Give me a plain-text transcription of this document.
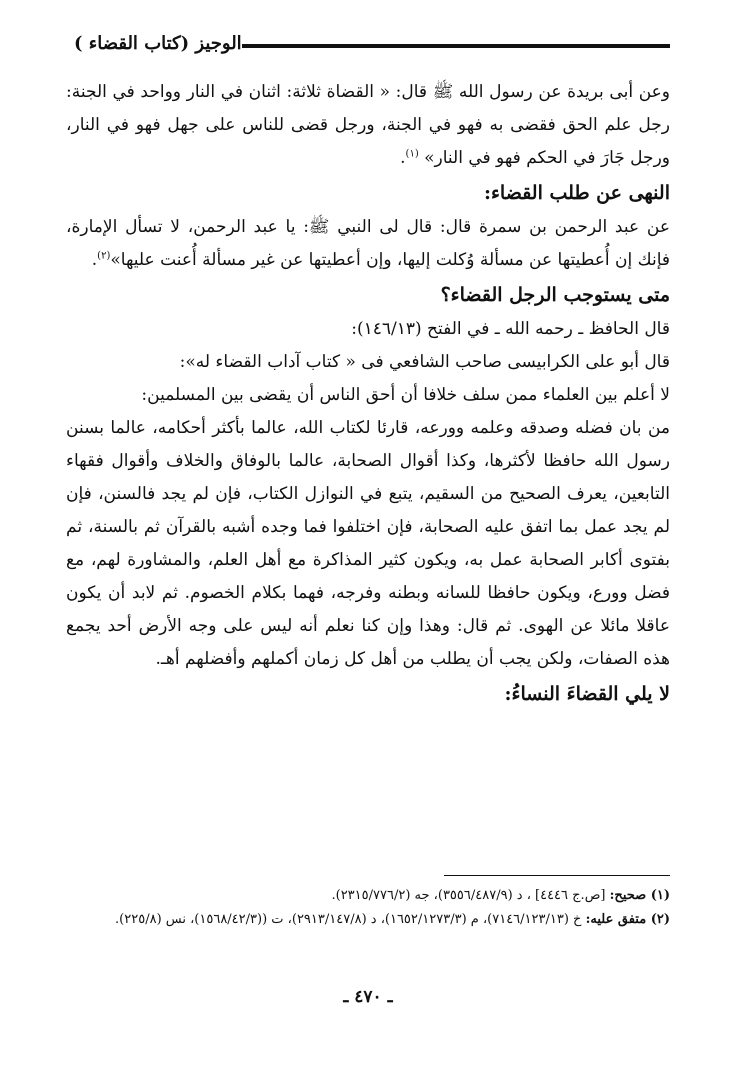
الوجيز (كتاب القضاء )

وعن أبى بريدة عن رسول الله ﷺ قال: « القضاة ثلاثة: اثنان في النار وواحد في الجنة: رجل علم الحق فقضى به فهو في الجنة، ورجل قضى للناس على جهل فهو في النار، ورجل جَارَ في الحكم فهو في النار» $^{(١)}$.

النهى عن طلب القضاء:

عن عبد الرحمن بن سمرة قال: قال لى النبي ﷺ: يا عبد الرحمن، لا تسأل الإمارة، فإنك إن أُعطيتها عن مسألة وُكلت إليها، وإن أعطيتها عن غير مسألة أُعنت عليها»$^{(٢)}$.

متى يستوجب الرجل القضاء؟

قال الحافظ ـ رحمه الله ـ في الفتح (١٤٦/١٣):

قال أبو على الكرابيسى صاحب الشافعي فى « كتاب آداب القضاء له»:

لا أعلم بين العلماء ممن سلف خلافا أن أحق الناس أن يقضى بين المسلمين:

من بان فضله وصدقه وعلمه وورعه، قارئا لكتاب الله، عالما بأكثر أحكامه، عالما بسنن رسول الله حافظا لأكثرها، وكذا أقوال الصحابة، عالما بالوفاق والخلاف وأقوال فقهاء التابعين، يعرف الصحيح من السقيم، يتبع في النوازل الكتاب، فإن لم يجد فالسنن، فإن لم يجد عمل بما اتفق عليه الصحابة، فإن اختلفوا فما وجده أشبه بالقرآن ثم بالسنة، ثم بفتوى أكابر الصحابة عمل به، ويكون كثير المذاكرة مع أهل العلم، والمشاورة لهم، مع فضل وورع، ويكون حافظا للسانه وبطنه وفرجه، فهما بكلام الخصوم. ثم لابد أن يكون عاقلا مائلا عن الهوى. ثم قال: وهذا وإن كنا نعلم أنه ليس على وجه الأرض أحد يجمع هذه الصفات، ولكن يجب أن يطلب من أهل كل زمان أكملهم وأفضلهم أهـ.

لا يلي القضاءَ النساءُ:

(١) صحيح: [ص.ج ٤٤٤٦] ، د (٣٥٥٦/٤٨٧/٩)، جه (٢٣١٥/٧٧٦/٢).

(٢) متفق عليه: خ (٧١٤٦/١٢٣/١٣)، م (١٦٥٢/١٢٧٣/٣)، د (٢٩١٣/١٤٧/٨)، ت ((١٥٦٨/٤٢/٣)، نس (٢٢٥/٨).

ـ ٤٧٠ ـ
